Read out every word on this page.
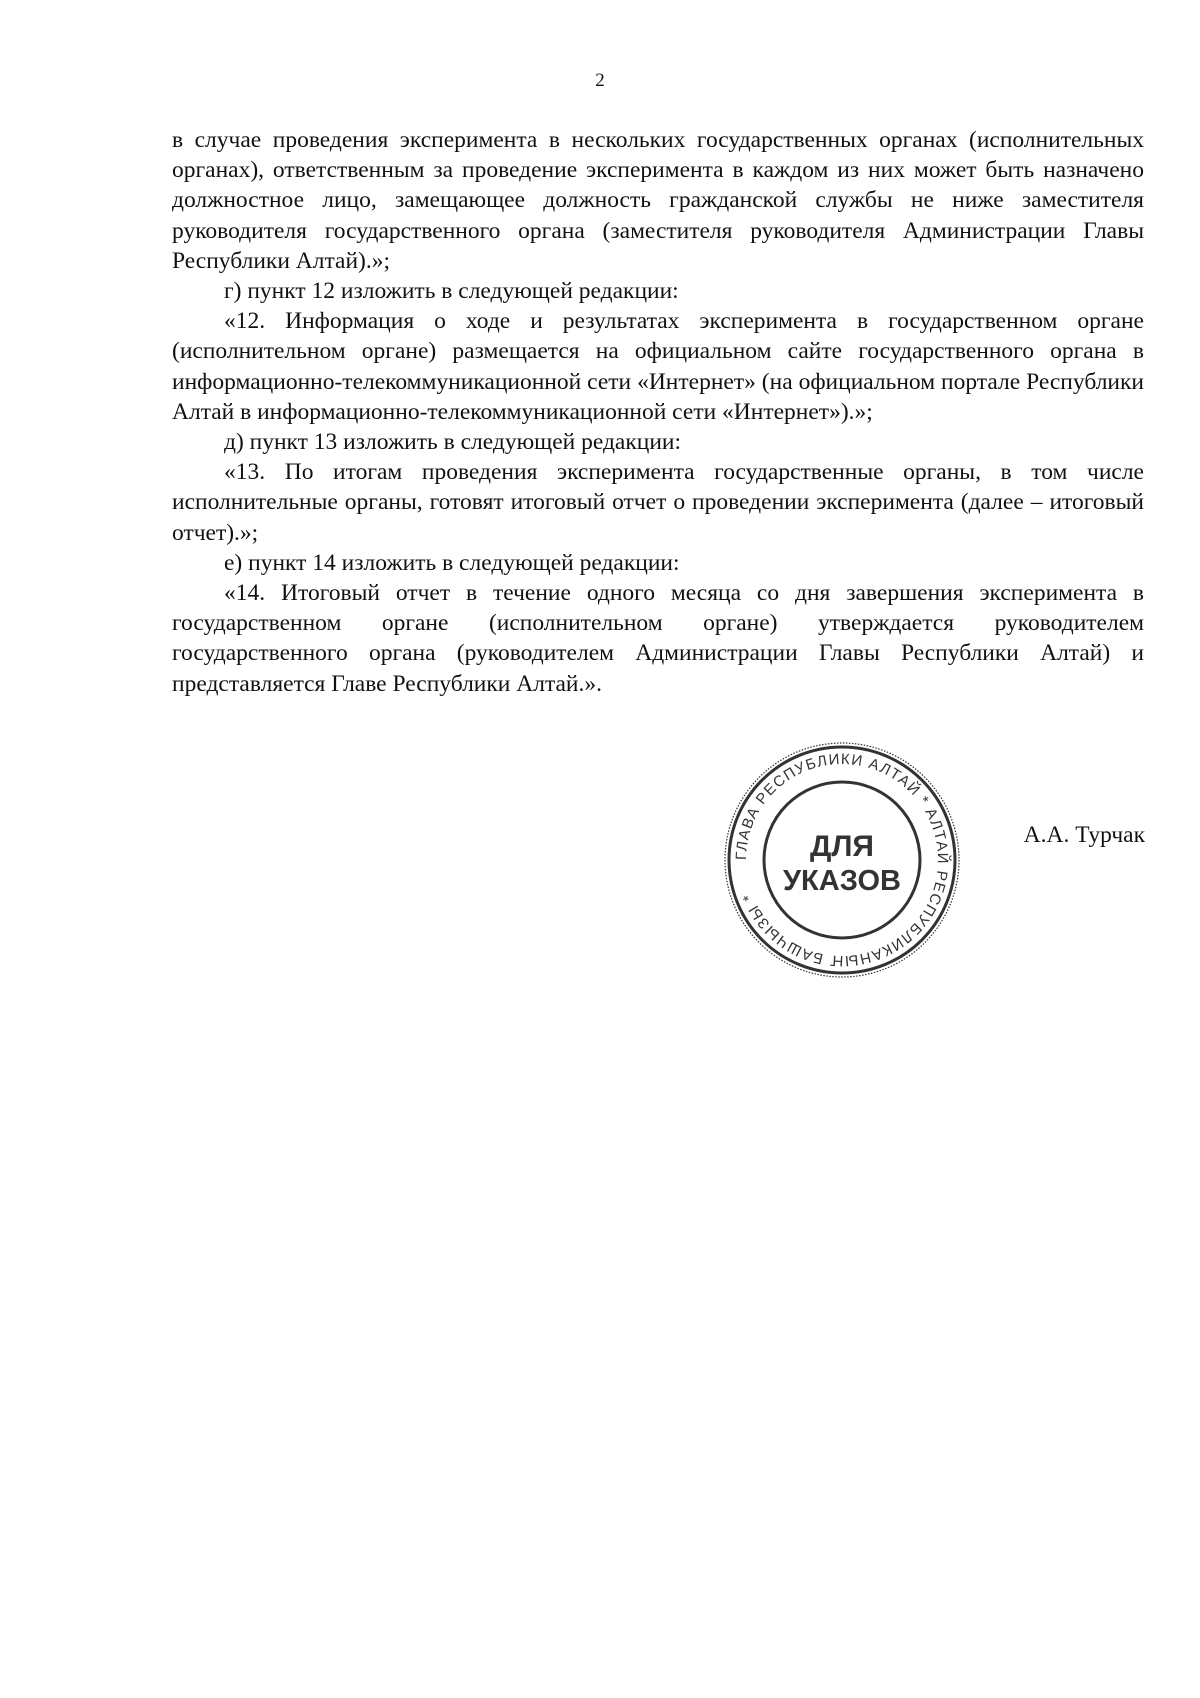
2

в случае проведения эксперимента в нескольких государственных органах (исполнительных органах), ответственным за проведение эксперимента в каждом из них может быть назначено должностное лицо, замещающее должность гражданской службы не ниже заместителя руководителя государственного органа (заместителя руководителя Администрации Главы Республики Алтай).»;

г) пункт 12 изложить в следующей редакции:

«12. Информация о ходе и результатах эксперимента в государственном органе (исполнительном органе) размещается на официальном сайте государственного органа в информационно-телекоммуникационной сети «Интернет» (на официальном портале Республики Алтай в информационно-телекоммуникационной сети «Интернет»).»;

д) пункт 13 изложить в следующей редакции:

«13. По итогам проведения эксперимента государственные органы, в том числе исполнительные органы, готовят итоговый отчет о проведении эксперимента (далее – итоговый отчет).»;

е) пункт 14 изложить в следующей редакции:

«14. Итоговый отчет в течение одного месяца со дня завершения эксперимента в государственном органе (исполнительном органе) утверждается руководителем государственного органа (руководителем Администрации Главы Республики Алтай) и представляется Главе Республики Алтай.».

ГЛАВА РЕСПУБЛИКИ АЛТАЙ * АЛТАЙ РЕСПУБЛИКАНЫҤ БАШЧЫЗЫ *
ДЛЯ
УКАЗОВ
А.А. Турчак
